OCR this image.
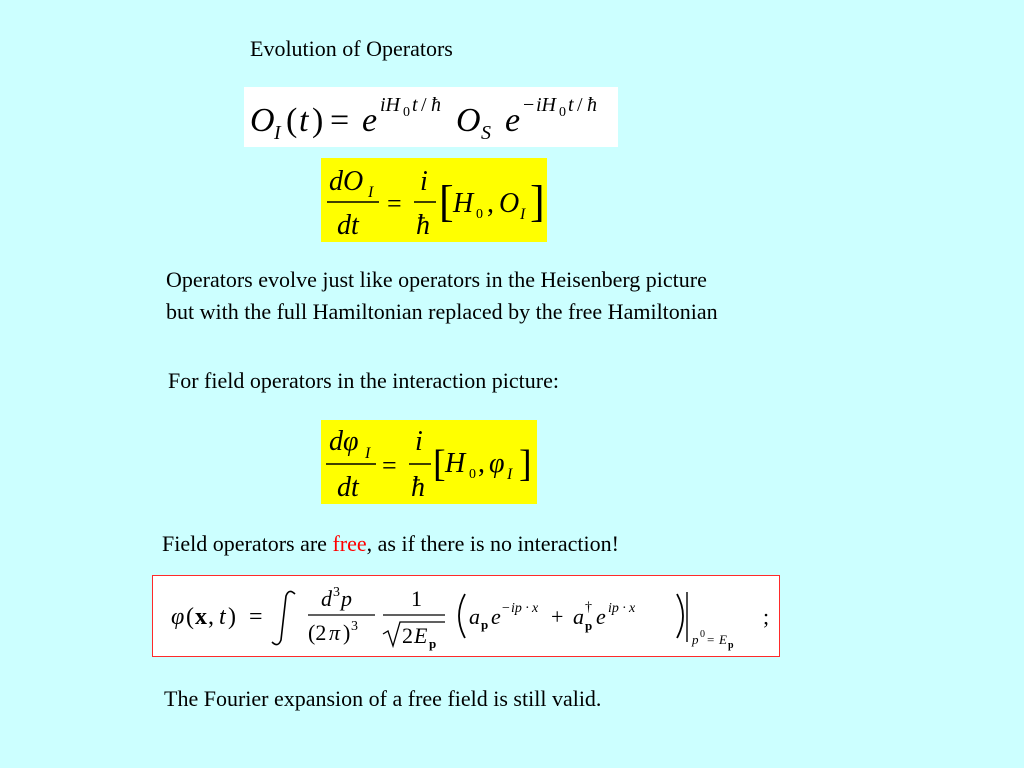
Evolution of Operators
O I ( t ) = e iH 0 t / ħ O S e − iH 0 t / ħ
dO I
dt
=
i
ħ [ H 0 , O I ]
Operators evolve just like operators in the Heisenberg picture
but with the full Hamiltonian replaced by the free Hamiltonian
For field operators in the interaction picture:
dφ I
dt
=
i
ħ
[ H 0 , φ I ]
Field operators are free, as if there is no interaction!
φ ( x , t ) =
d 3 p
(2 π ) 3
1
2 E p
a p e − ip · x + a †
p e ip · x
p 0 = E p
;
The Fourier expansion of a free field is still valid.
